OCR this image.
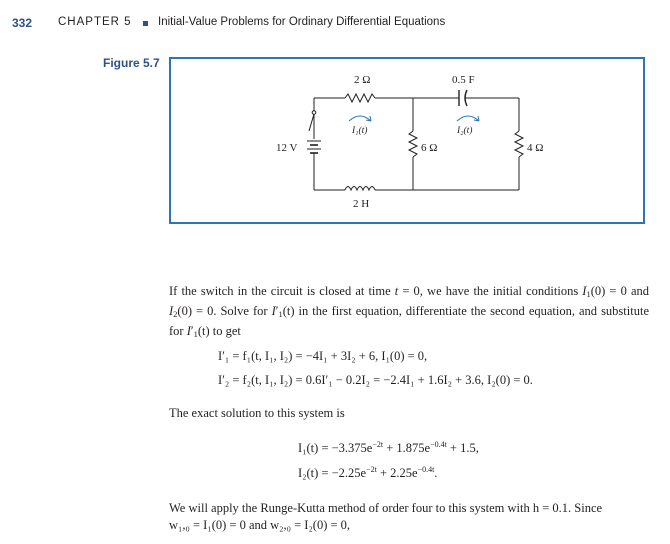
332 CHAPTER 5 Initial-Value Problems for Ordinary Differential Equations
Figure 5.7
2 Ω	0.5 F
I₁(t)	I₂(t)
12 V	6 Ω	4 Ω
2 H
If the switch in the circuit is closed at time t = 0, we have the initial conditions $I_1(0) = 0$ and $I_2(0) = 0$. Solve for $I'_1(t)$ in the first equation, differentiate the second equation, and substitute for $I'_1(t)$ to get
I′₁ = f₁(t, I₁, I₂) = −4I₁ + 3I₂ + 6, I₁(0) = 0,
I′₂ = f₂(t, I₁, I₂) = 0.6I′₁ − 0.2I₂ = −2.4I₁ + 1.6I₂ + 3.6, I₂(0) = 0.
The exact solution to this system is
$I_1(t) = -3.375e^{-2t} + 1.875e^{-0.4t} + 1.5$,
$I_2(t) = -2.25e^{-2t} + 2.25e^{-0.4t}$.
We will apply the Runge-Kutta method of order four to this system with h = 0.1. Since
w₁,₀ = I₁(0) = 0 and w₂,₀ = I₂(0) = 0,
